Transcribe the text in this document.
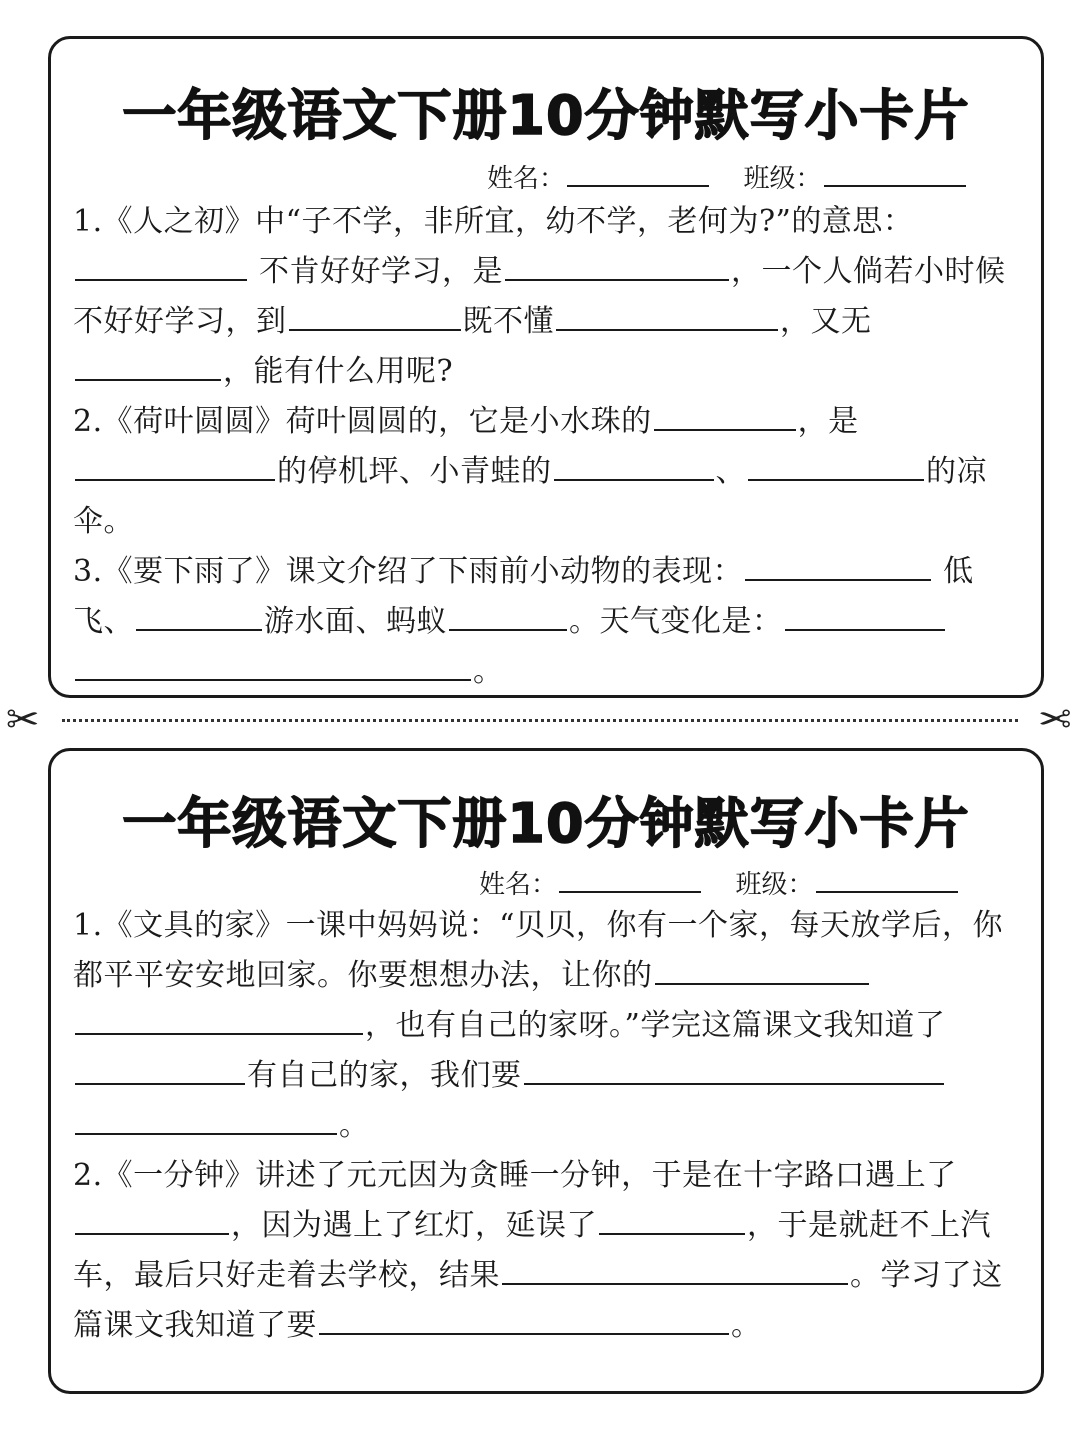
一年级语文下册10分钟默写小卡片
姓名：	班级：

1.《人之初》中“子不学，非所宜，幼不学，老何为?”的意思： 不肯好好学习，是	，一个人倘若小时候不好好学习，到	既不懂	，又无，能有什么用呢?

2.《荷叶圆圆》荷叶圆圆的，它是小水珠的	，是的停机坪、小青蛙的	、	的凉伞。

3.《要下雨了》课文介绍了下雨前小动物的表现：	低飞、	游水面、蚂蚁	。天气变化是： 。

✂	✂
一年级语文下册10分钟默写小卡片
姓名：	班级：

1.《文具的家》一课中妈妈说：“贝贝，你有一个家，每天放学后，你都平平安安地回家。你要想想办法，让你的 ，也有自己的家呀。”学完这篇课文我知道了有自己的家，我们要 。

2.《一分钟》讲述了元元因为贪睡一分钟，于是在十字路口遇上了，因为遇上了红灯，延误了	，于是就赶不上汽车，最后只好走着去学校，结果	。学习了这篇课文我知道了要	。
